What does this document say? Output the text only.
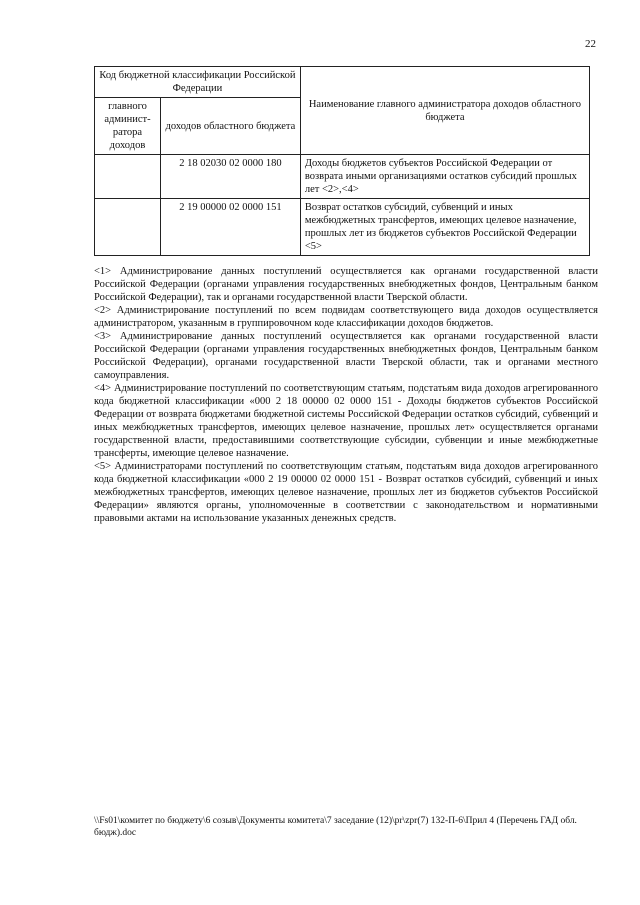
22
Код бюджетной классификации Российской Федерации		Наименование главного администратора доходов областного бюджета
главного админист-ратора доходов	доходов областного бюджета	
	2 18 02030 02 0000 180	Доходы бюджетов субъектов Российской Федерации от возврата иными организациями остатков субсидий прошлых лет <2>,<4>
	2 19 00000 02 0000 151	Возврат остатков субсидий, субвенций и иных межбюджетных трансфертов, имеющих целевое назначение, прошлых лет из бюджетов субъектов Российской Федерации <5>

<1> Администрирование данных поступлений осуществляется как органами государственной власти Российской Федерации (органами управления государственных внебюджетных фондов, Центральным банком Российской Федерации), так и органами государственной власти Тверской области.

<2> Администрирование поступлений по всем подвидам соответствующего вида доходов осуществляется администратором, указанным в группировочном коде классификации доходов бюджетов.

<3> Администрирование данных поступлений осуществляется как органами государственной власти Российской Федерации (органами управления государственных внебюджетных фондов, Центральным банком Российской Федерации), органами государственной власти Тверской области, так и органами местного самоуправления.

<4> Администрирование поступлений по соответствующим статьям, подстатьям вида доходов агрегированного кода бюджетной классификации «000 2 18 00000 02 0000 151 - Доходы бюджетов субъектов Российской Федерации от возврата бюджетами бюджетной системы Российской Федерации остатков субсидий, субвенций и иных межбюджетных трансфертов, имеющих целевое назначение, прошлых лет» осуществляется органами государственной власти, предоставившими соответствующие субсидии, субвенции и иные межбюджетные трансферты, имеющие целевое назначение.

<5> Администраторами поступлений по соответствующим статьям, подстатьям вида доходов агрегированного кода бюджетной классификации «000 2 19 00000 02 0000 151 - Возврат остатков субсидий, субвенций и иных межбюджетных трансфертов, имеющих целевое назначение, прошлых лет из бюджетов субъектов Российской Федерации» являются органы, уполномоченные в соответствии с законодательством и нормативными правовыми актами на использование указанных денежных средств.

\\Fs01\комитет по бюджету\6 созыв\Документы комитета\7 заседание (12)\pr\zpr(7) 132-П-6\Прил 4 (Перечень ГАД обл. бюдж).doc
